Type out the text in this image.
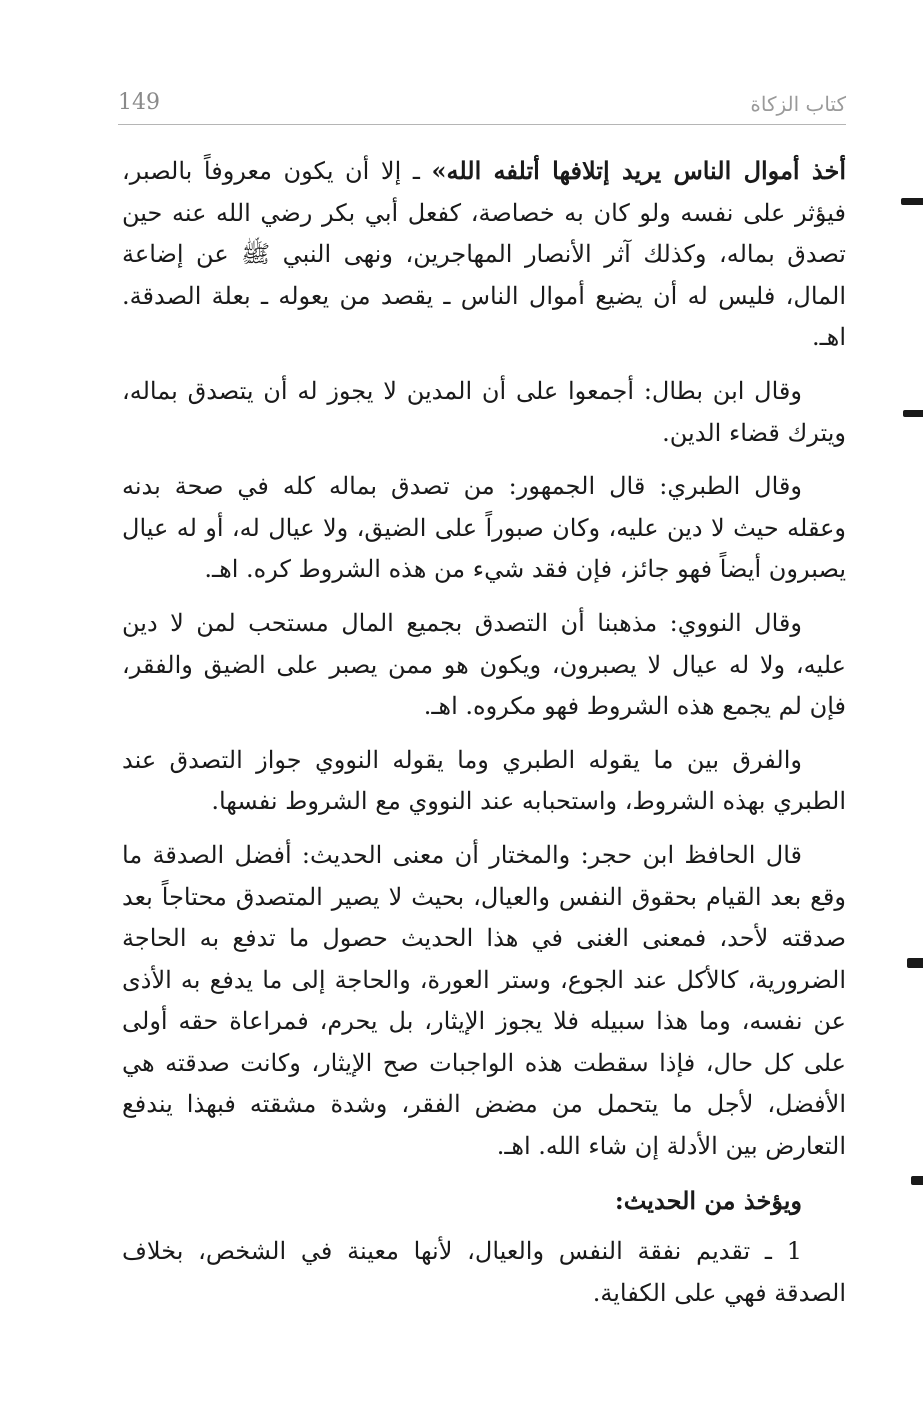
كتاب الزكاة
149

أخذ أموال الناس يريد إتلافها أتلفه الله» ـ إلا أن يكون معروفاً بالصبر، فيؤثر على نفسه ولو كان به خصاصة، كفعل أبي بكر رضي الله عنه حين تصدق بماله، وكذلك آثر الأنصار المهاجرين، ونهى النبي ﷺ عن إضاعة المال، فليس له أن يضيع أموال الناس ـ يقصد من يعوله ـ بعلة الصدقة. اهـ.

وقال ابن بطال: أجمعوا على أن المدين لا يجوز له أن يتصدق بماله، ويترك قضاء الدين.

وقال الطبري: قال الجمهور: من تصدق بماله كله في صحة بدنه وعقله حيث لا دين عليه، وكان صبوراً على الضيق، ولا عيال له، أو له عيال يصبرون أيضاً فهو جائز، فإن فقد شيء من هذه الشروط كره. اهـ.

وقال النووي: مذهبنا أن التصدق بجميع المال مستحب لمن لا دين عليه، ولا له عيال لا يصبرون، ويكون هو ممن يصبر على الضيق والفقر، فإن لم يجمع هذه الشروط فهو مكروه. اهـ.

والفرق بين ما يقوله الطبري وما يقوله النووي جواز التصدق عند الطبري بهذه الشروط، واستحبابه عند النووي مع الشروط نفسها.

قال الحافظ ابن حجر: والمختار أن معنى الحديث: أفضل الصدقة ما وقع بعد القيام بحقوق النفس والعيال، بحيث لا يصير المتصدق محتاجاً بعد صدقته لأحد، فمعنى الغنى في هذا الحديث حصول ما تدفع به الحاجة الضرورية، كالأكل عند الجوع، وستر العورة، والحاجة إلى ما يدفع به الأذى عن نفسه، وما هذا سبيله فلا يجوز الإيثار، بل يحرم، فمراعاة حقه أولى على كل حال، فإذا سقطت هذه الواجبات صح الإيثار، وكانت صدقته هي الأفضل، لأجل ما يتحمل من مضض الفقر، وشدة مشقته فبهذا يندفع التعارض بين الأدلة إن شاء الله. اهـ.

ويؤخذ من الحديث:

1 ـ تقديم نفقة النفس والعيال، لأنها معينة في الشخص، بخلاف الصدقة فهي على الكفاية.
